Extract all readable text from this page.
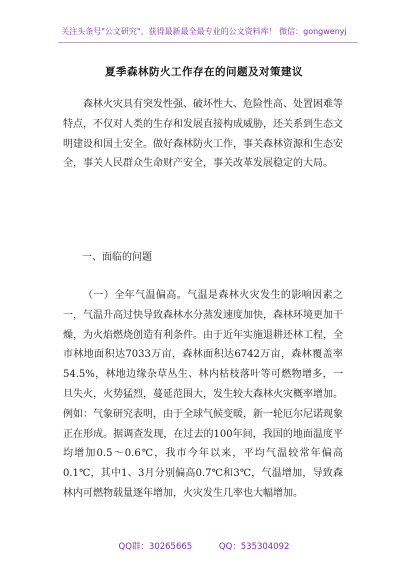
关注头条号"公文研究"，获得最新最全最专业的公文资料库！ 微信：gongwenyj
夏季森林防火工作存在的问题及对策建议

森林火灾具有突发性强、破坏性大、危险性高、处置困难等特点，不仅对人类的生存和发展直接构成威胁，还关系到生态文明建设和国土安全。做好森林防火工作，事关森林资源和生态安全，事关人民群众生命财产安全，事关改革发展稳定的大局。

一、面临的问题

（一）全年气温偏高。气温是森林火灾发生的影响因素之一，气温升高过快导致森林水分蒸发速度加快，森林环境更加干燥，为火焰燃烧创造有利条件。由于近年实施退耕还林工程，全市林地面积达7033万亩，森林面积达6742万亩，森林覆盖率54.5%，林地边缘杂草丛生、林内枯枝落叶等可燃物增多，一旦失火，火势猛烈，蔓延范围大，发生较大森林火灾概率增加。例如：气象研究表明，由于全球气候变暖，新一轮厄尔尼诺现象正在形成。据调查发现，在过去的100年间，我国的地面温度平均增加0.5～0.6℃，我市今年以来，平均气温较常年偏高0.1℃，其中1、3月分别偏高0.7℃和3℃，气温增加，导致森林内可燃物载量逐年增加，火灾发生几率也大幅增加。

QQ群：30265665	QQ：535304092
